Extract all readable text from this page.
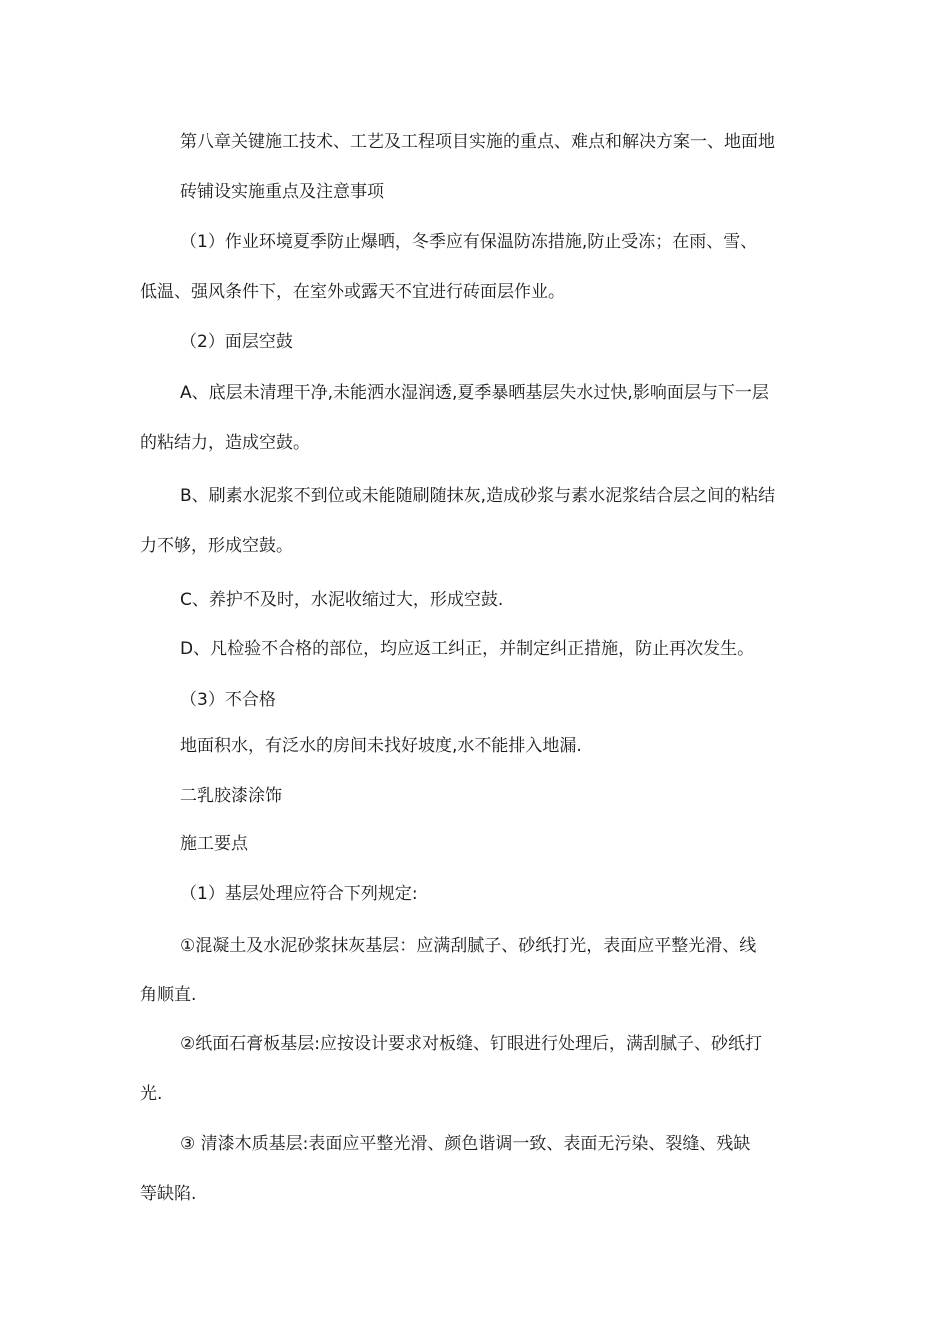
第八章关键施工技术、工艺及工程项目实施的重点、难点和解决方案一、地面地
砖铺设实施重点及注意事项
（1）作业环境夏季防止爆晒，冬季应有保温防冻措施,防止受冻；在雨、雪、
低温、强风条件下，在室外或露天不宜进行砖面层作业。
（2）面层空鼓
A、底层未清理干净,未能洒水湿润透,夏季暴晒基层失水过快,影响面层与下一层
的粘结力，造成空鼓。
B、刷素水泥浆不到位或未能随刷随抹灰,造成砂浆与素水泥浆结合层之间的粘结
力不够，形成空鼓。
C、养护不及时，水泥收缩过大，形成空鼓.
D、凡检验不合格的部位，均应返工纠正，并制定纠正措施，防止再次发生。
（3）不合格
地面积水，有泛水的房间未找好坡度,水不能排入地漏.
二乳胶漆涂饰
施工要点
（1）基层处理应符合下列规定:
①混凝土及水泥砂浆抹灰基层：应满刮腻子、砂纸打光，表面应平整光滑、线
角顺直.
②纸面石膏板基层:应按设计要求对板缝、钉眼进行处理后，满刮腻子、砂纸打
光.
③ 清漆木质基层:表面应平整光滑、颜色谐调一致、表面无污染、裂缝、残缺
等缺陷.
